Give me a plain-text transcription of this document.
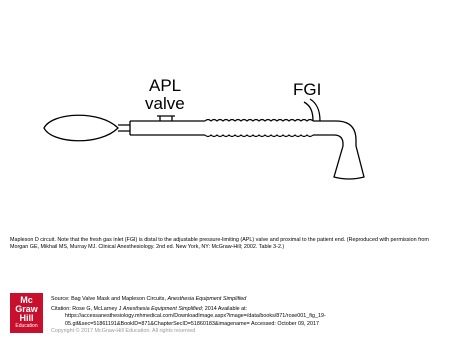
APL
valve
FGI
Mapleson D circuit. Note that the fresh gas inlet (FGI) is distal to the adjustable pressure-limiting (APL) valve and proximal to the patient end. (Reproduced with permission from Morgan GE, Mikhail MS, Murray MJ. Clinical Anesthesiology. 2nd ed. New York, NY: McGraw-Hill; 2002. Table 3-2.)
Mc
Graw
Hill
Education
Source: Bag Valve Mask and Mapleson Circuits, Anesthesia Equipment Simplified
Citation: Rose G, McLarney J Anesthesia Equipment Simplified; 2014 Available at:
https://accessanesthesiology.mhmedical.com/DownloadImage.aspx?image=/data/books/871/rose001_fig_19-05.gif&sec=51861191&BookID=871&ChapterSecID=51860183&imagename= Accessed: October 09, 2017
Copyright © 2017 McGraw-Hill Education. All rights reserved
